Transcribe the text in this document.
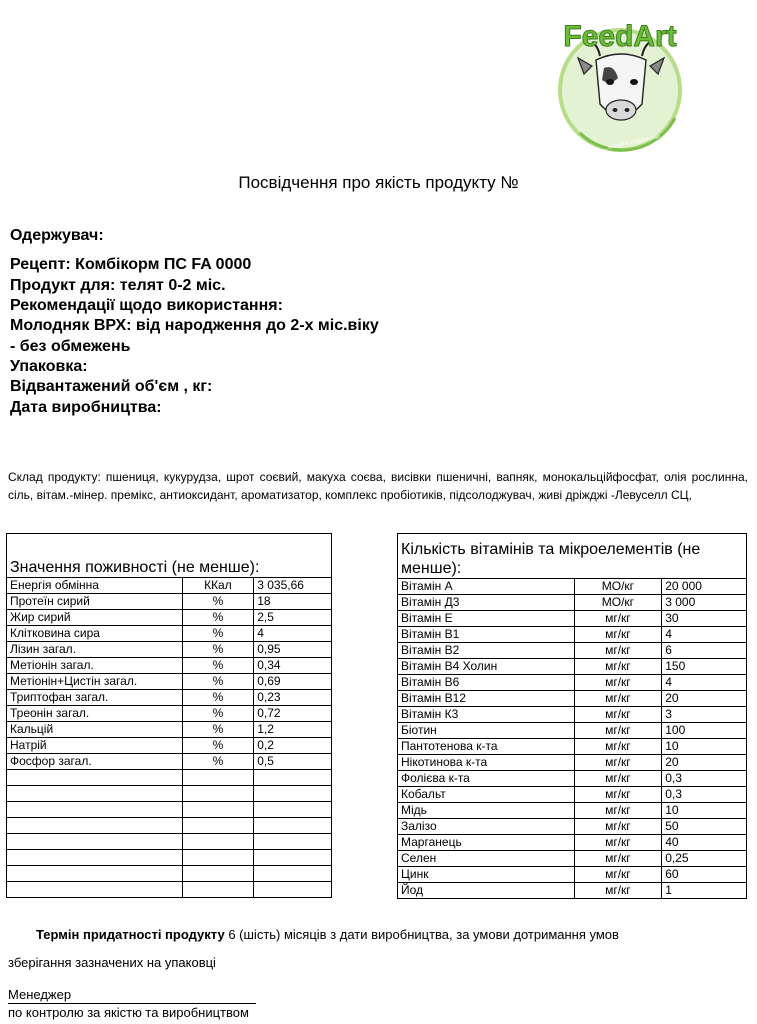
FeedArt
...магнітні годування!
Посвідчення про якість продукту №
Одержувач:
Рецепт: Комбікорм ПС FA 0000
Продукт для: телят 0-2 міс.
Рекомендації щодо використання:
Молодняк ВРХ: від народження до 2-х міс.віку
- без обмежень
Упаковка:
Відвантажений об'єм , кг:
Дата виробництва:
Склад продукту: пшениця, кукурудза, шрот соєвий, макуха соєва, висівки пшеничні, вапняк, монокальційфосфат, олія рослинна, сіль, вітам.-мінер. премікс, антиоксидант, ароматизатор, комплекс пробіотиків, підсолоджувач, живі дріжджі -Левуселл СЦ,
Значення поживності (не менше):		
Енергія обмінна	ККал	3 035,66
Протеїн сирий	%	18
Жир сирий	%	2,5
Клітковина сира	%	4
Лізин загал.	%	0,95
Метіонін загал.	%	0,34
Метіонін+Цистін загал.	%	0,69
Триптофан загал.	%	0,23
Треонін загал.	%	0,72
Кальцій	%	1,2
Натрій	%	0,2
Фосфор загал.	%	0,5

Кількість вітамінів та мікроелементів (не менше):		
Вітамін А	МО/кг	20 000
Вітамін Д3	МО/кг	3 000
Вітамін Е	мг/кг	30
Вітамін В1	мг/кг	4
Вітамін В2	мг/кг	6
Вітамін В4 Холин	мг/кг	150
Вітамін В6	мг/кг	4
Вітамін В12	мг/кг	20
Вітамін К3	мг/кг	3
Біотин	мг/кг	100
Пантотенова к-та	мг/кг	10
Нікотинова к-та	мг/кг	20
Фолієва к-та	мг/кг	0,3
Кобальт	мг/кг	0,3
Мідь	мг/кг	10
Залізо	мг/кг	50
Марганець	мг/кг	40
Селен	мг/кг	0,25
Цинк	мг/кг	60
Йод	мг/кг	1
Термін придатності продукту 6 (шість) місяців з дати виробництва, за умови дотримання умов
зберігання зазначених на упаковці
Менеджер
по контролю за якістю та виробництвом
